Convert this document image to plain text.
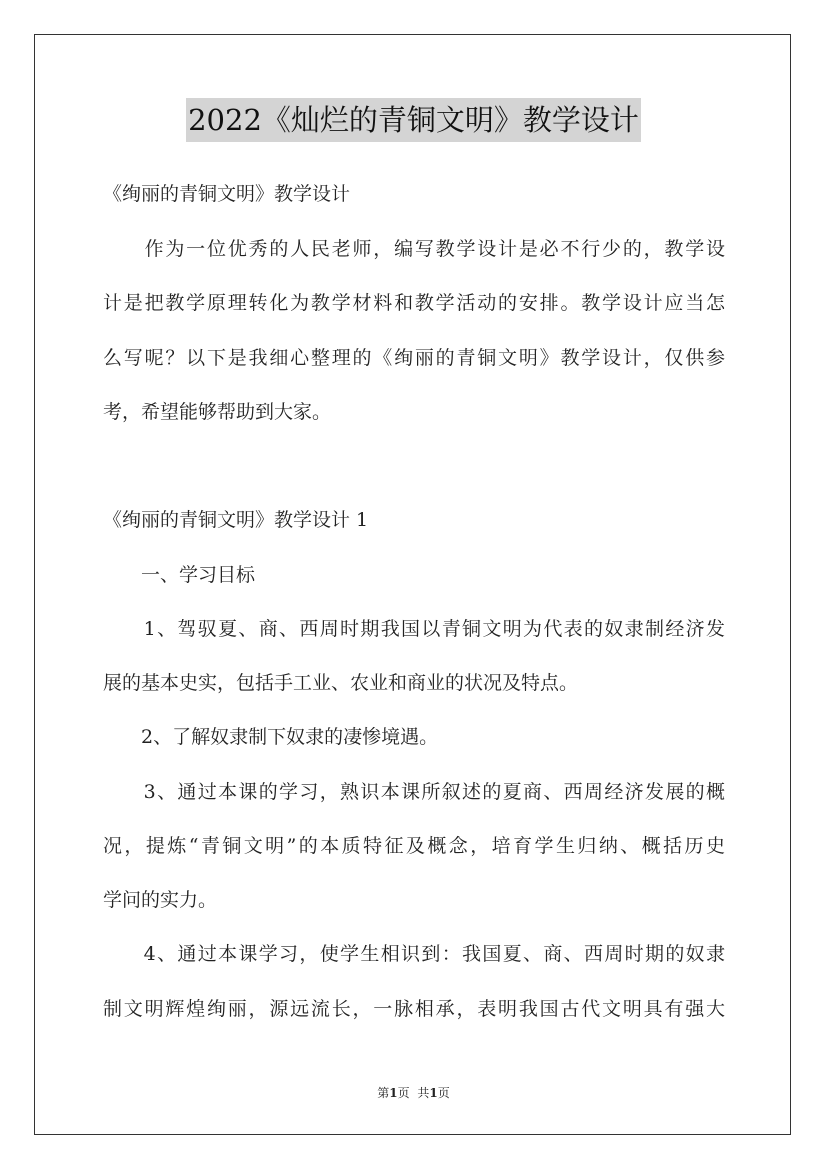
2022《灿烂的青铜文明》教学设计
《绚丽的青铜文明》教学设计
　　作为一位优秀的人民老师，编写教学设计是必不行少的，教学设
计是把教学原理转化为教学材料和教学活动的安排。教学设计应当怎
么写呢？以下是我细心整理的《绚丽的青铜文明》教学设计，仅供参
考，希望能够帮助到大家。
《绚丽的青铜文明》教学设计 1
　　一、学习目标
　　1、驾驭夏、商、西周时期我国以青铜文明为代表的奴隶制经济发
展的基本史实，包括手工业、农业和商业的状况及特点。
　　2、了解奴隶制下奴隶的凄惨境遇。
　　3、通过本课的学习，熟识本课所叙述的夏商、西周经济发展的概
况，提炼“青铜文明”的本质特征及概念，培育学生归纳、概括历史
学问的实力。
　　4、通过本课学习，使学生相识到：我国夏、商、西周时期的奴隶
制文明辉煌绚丽，源远流长，一脉相承，表明我国古代文明具有强大
第1页 共1页
